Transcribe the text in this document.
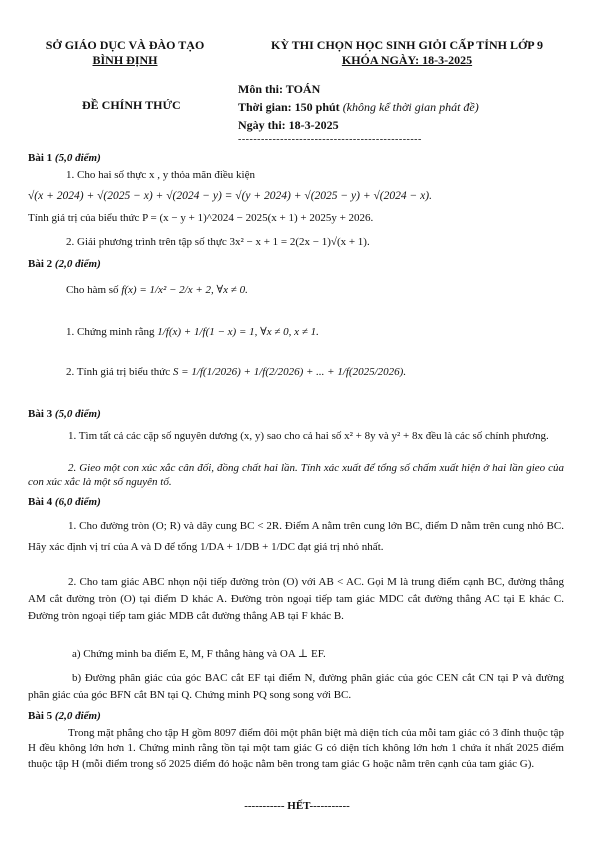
SỞ GIÁO DỤC VÀ ĐÀO TẠO
BÌNH ĐỊNH
KỲ THI CHỌN HỌC SINH GIỎI CẤP TỈNH LỚP 9
KHÓA NGÀY: 18-3-2025
ĐỀ CHÍNH THỨC
Môn thi: TOÁN
Thời gian: 150 phút (không kể thời gian phát đề)
Ngày thi: 18-3-2025
------------------------------------------------
Bài 1 (5,0 điểm)
1. Cho hai số thực x , y thỏa mãn điều kiện
√(x + 2024) + √(2025 − x) + √(2024 − y) = √(y + 2024) + √(2025 − y) + √(2024 − x).
Tính giá trị của biểu thức P = (x − y + 1)^2024 − 2025(x + 1) + 2025y + 2026.
2. Giải phương trình trên tập số thực 3x² − x + 1 = 2(2x − 1)√(x + 1).
Bài 2 (2,0 điểm)
Cho hàm số f(x) = 1/x² − 2/x + 2, ∀x ≠ 0.
1. Chứng minh rằng 1/f(x) + 1/f(1 − x) = 1, ∀x ≠ 0, x ≠ 1.
2. Tính giá trị biểu thức S = 1/f(1/2026) + 1/f(2/2026) + ... + 1/f(2025/2026).
Bài 3 (5,0 điểm)
1. Tìm tất cả các cặp số nguyên dương (x, y) sao cho cả hai số x² + 8y và y² + 8x đều là các số chính phương.
2. Gieo một con xúc xắc cân đối, đồng chất hai lần. Tính xác xuất để tổng số chấm xuất hiện ở hai lần gieo của con xúc xắc là một số nguyên tố.
Bài 4 (6,0 điểm)
1. Cho đường tròn (O; R) và dây cung BC < 2R. Điểm A nằm trên cung lớn BC, điểm D nằm trên cung nhỏ BC. Hãy xác định vị trí của A và D để tổng 1/DA + 1/DB + 1/DC đạt giá trị nhỏ nhất.
2. Cho tam giác ABC nhọn nội tiếp đường tròn (O) với AB < AC. Gọi M là trung điểm cạnh BC, đường thẳng AM cắt đường tròn (O) tại điểm D khác A. Đường tròn ngoại tiếp tam giác MDC cắt đường thẳng AC tại E khác C. Đường tròn ngoại tiếp tam giác MDB cắt đường thẳng AB tại F khác B.
a) Chứng minh ba điểm E, M, F thẳng hàng và OA ⊥ EF.
b) Đường phân giác của góc BAC cắt EF tại điểm N, đường phân giác của góc CEN cắt CN tại P và đường phân giác của góc BFN cắt BN tại Q. Chứng minh PQ song song với BC.
Bài 5 (2,0 điểm)
Trong mặt phẳng cho tập H gồm 8097 điểm đôi một phân biệt mà diện tích của mỗi tam giác có 3 đỉnh thuộc tập H đều không lớn hơn 1. Chứng minh rằng tồn tại một tam giác G có diện tích không lớn hơn 1 chứa ít nhất 2025 điểm thuộc tập H (mỗi điểm trong số 2025 điểm đó hoặc nằm bên trong tam giác G hoặc nằm trên cạnh của tam giác G).
----------- HẾT-----------
